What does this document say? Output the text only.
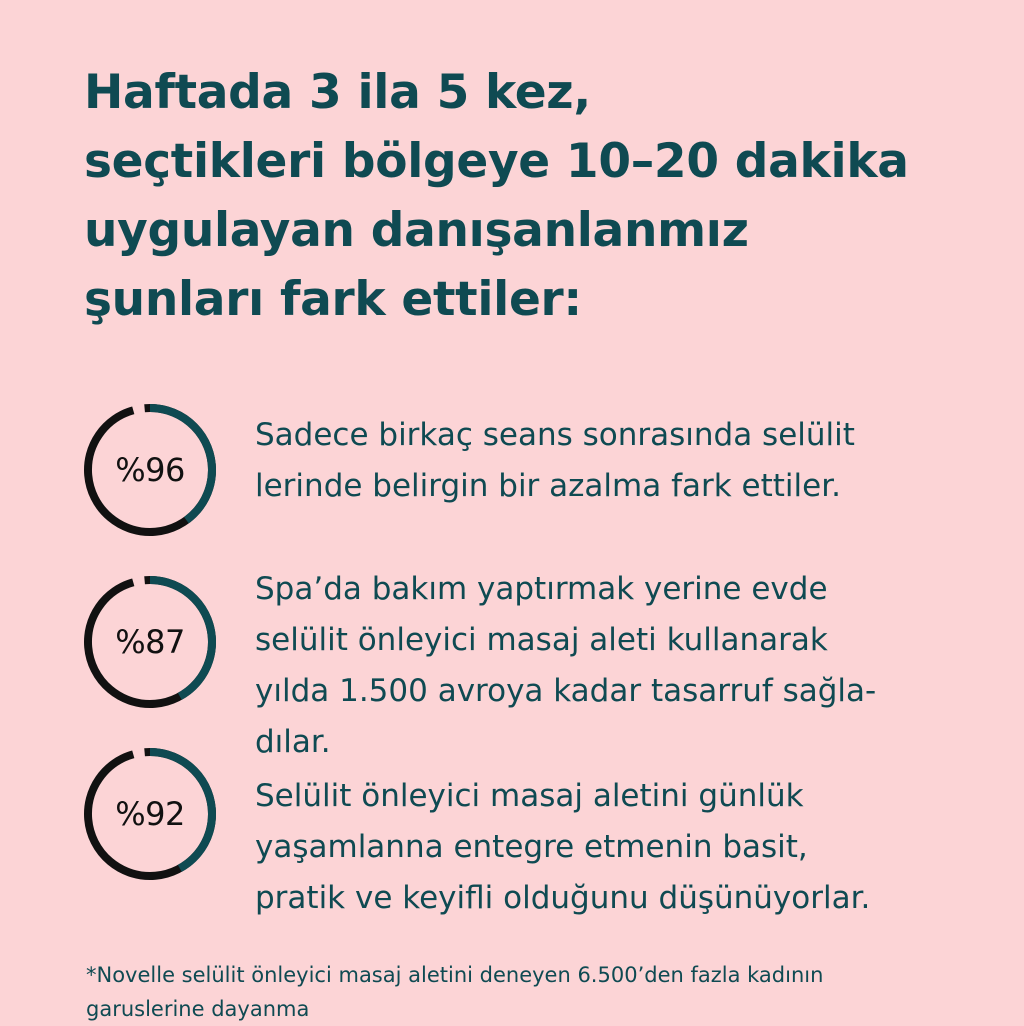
Haftada 3 ila 5 kez,
seçtikleri bölgeye 10–20 dakika
uygulayan danışanlanmız
şunları fark ettiler:
%96

Sadece birkaç seans sonrasında selülit
lerinde belirgin bir azalma fark ettiler.

%87

Spa’da bakım yaptırmak yerine evde
selülit önleyici masaj aleti kullanarak
yılda 1.500 avroya kadar tasarruf sağla-
dılar.

%92	Selülit önleyici masaj aletini günlük
yaşamlanna entegre etmenin basit,
pratik ve keyifli olduğunu düşünüyorlar.

*Novelle selülit önleyici masaj aletini deneyen 6.500’den fazla kadının
garuslerine dayanma
